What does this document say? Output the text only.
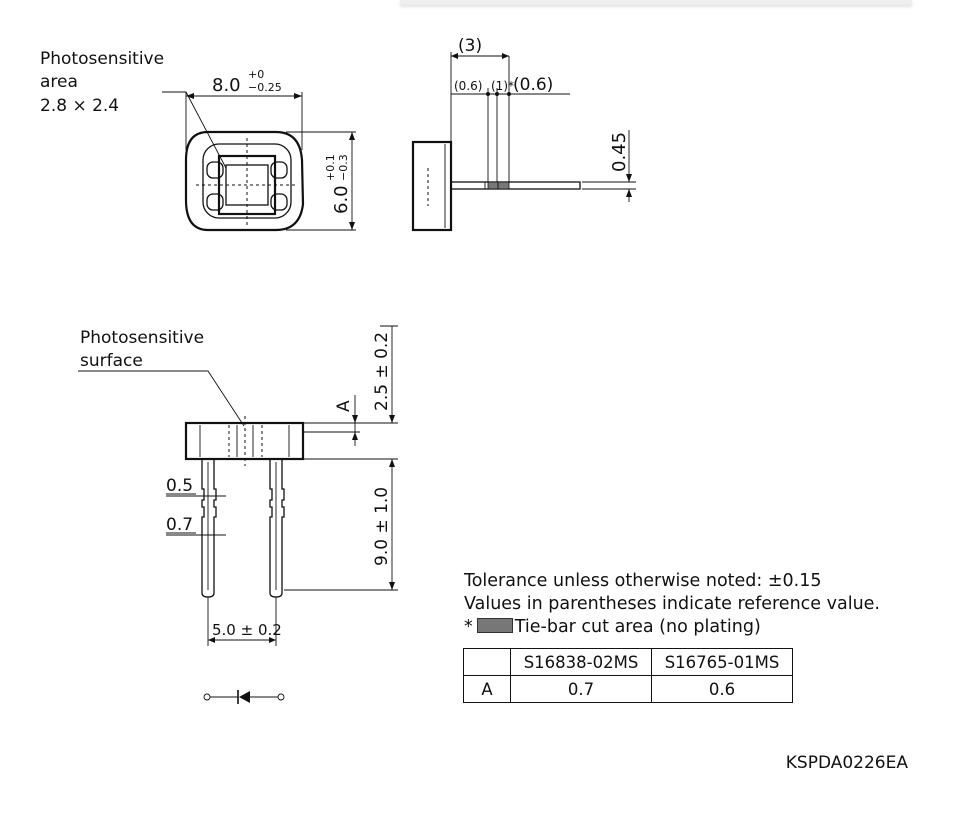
Photosensitive
area
2.8 × 2.4
8.0
+0
−0.25
6.0
+0.1 −0.3
(3)
(0.6) (1)* (0.6)
0.45
Photosensitive
surface
A 2.5 ± 0.2
9.0 ± 1.0
0.5
0.7
5.0 ± 0.2
Tolerance unless otherwise noted: ±0.15
Values in parentheses indicate reference value.
* Tie-bar cut area (no plating)
	S16838-02MS	S16765-01MS
A	0.7	0.6
KSPDA0226EA
